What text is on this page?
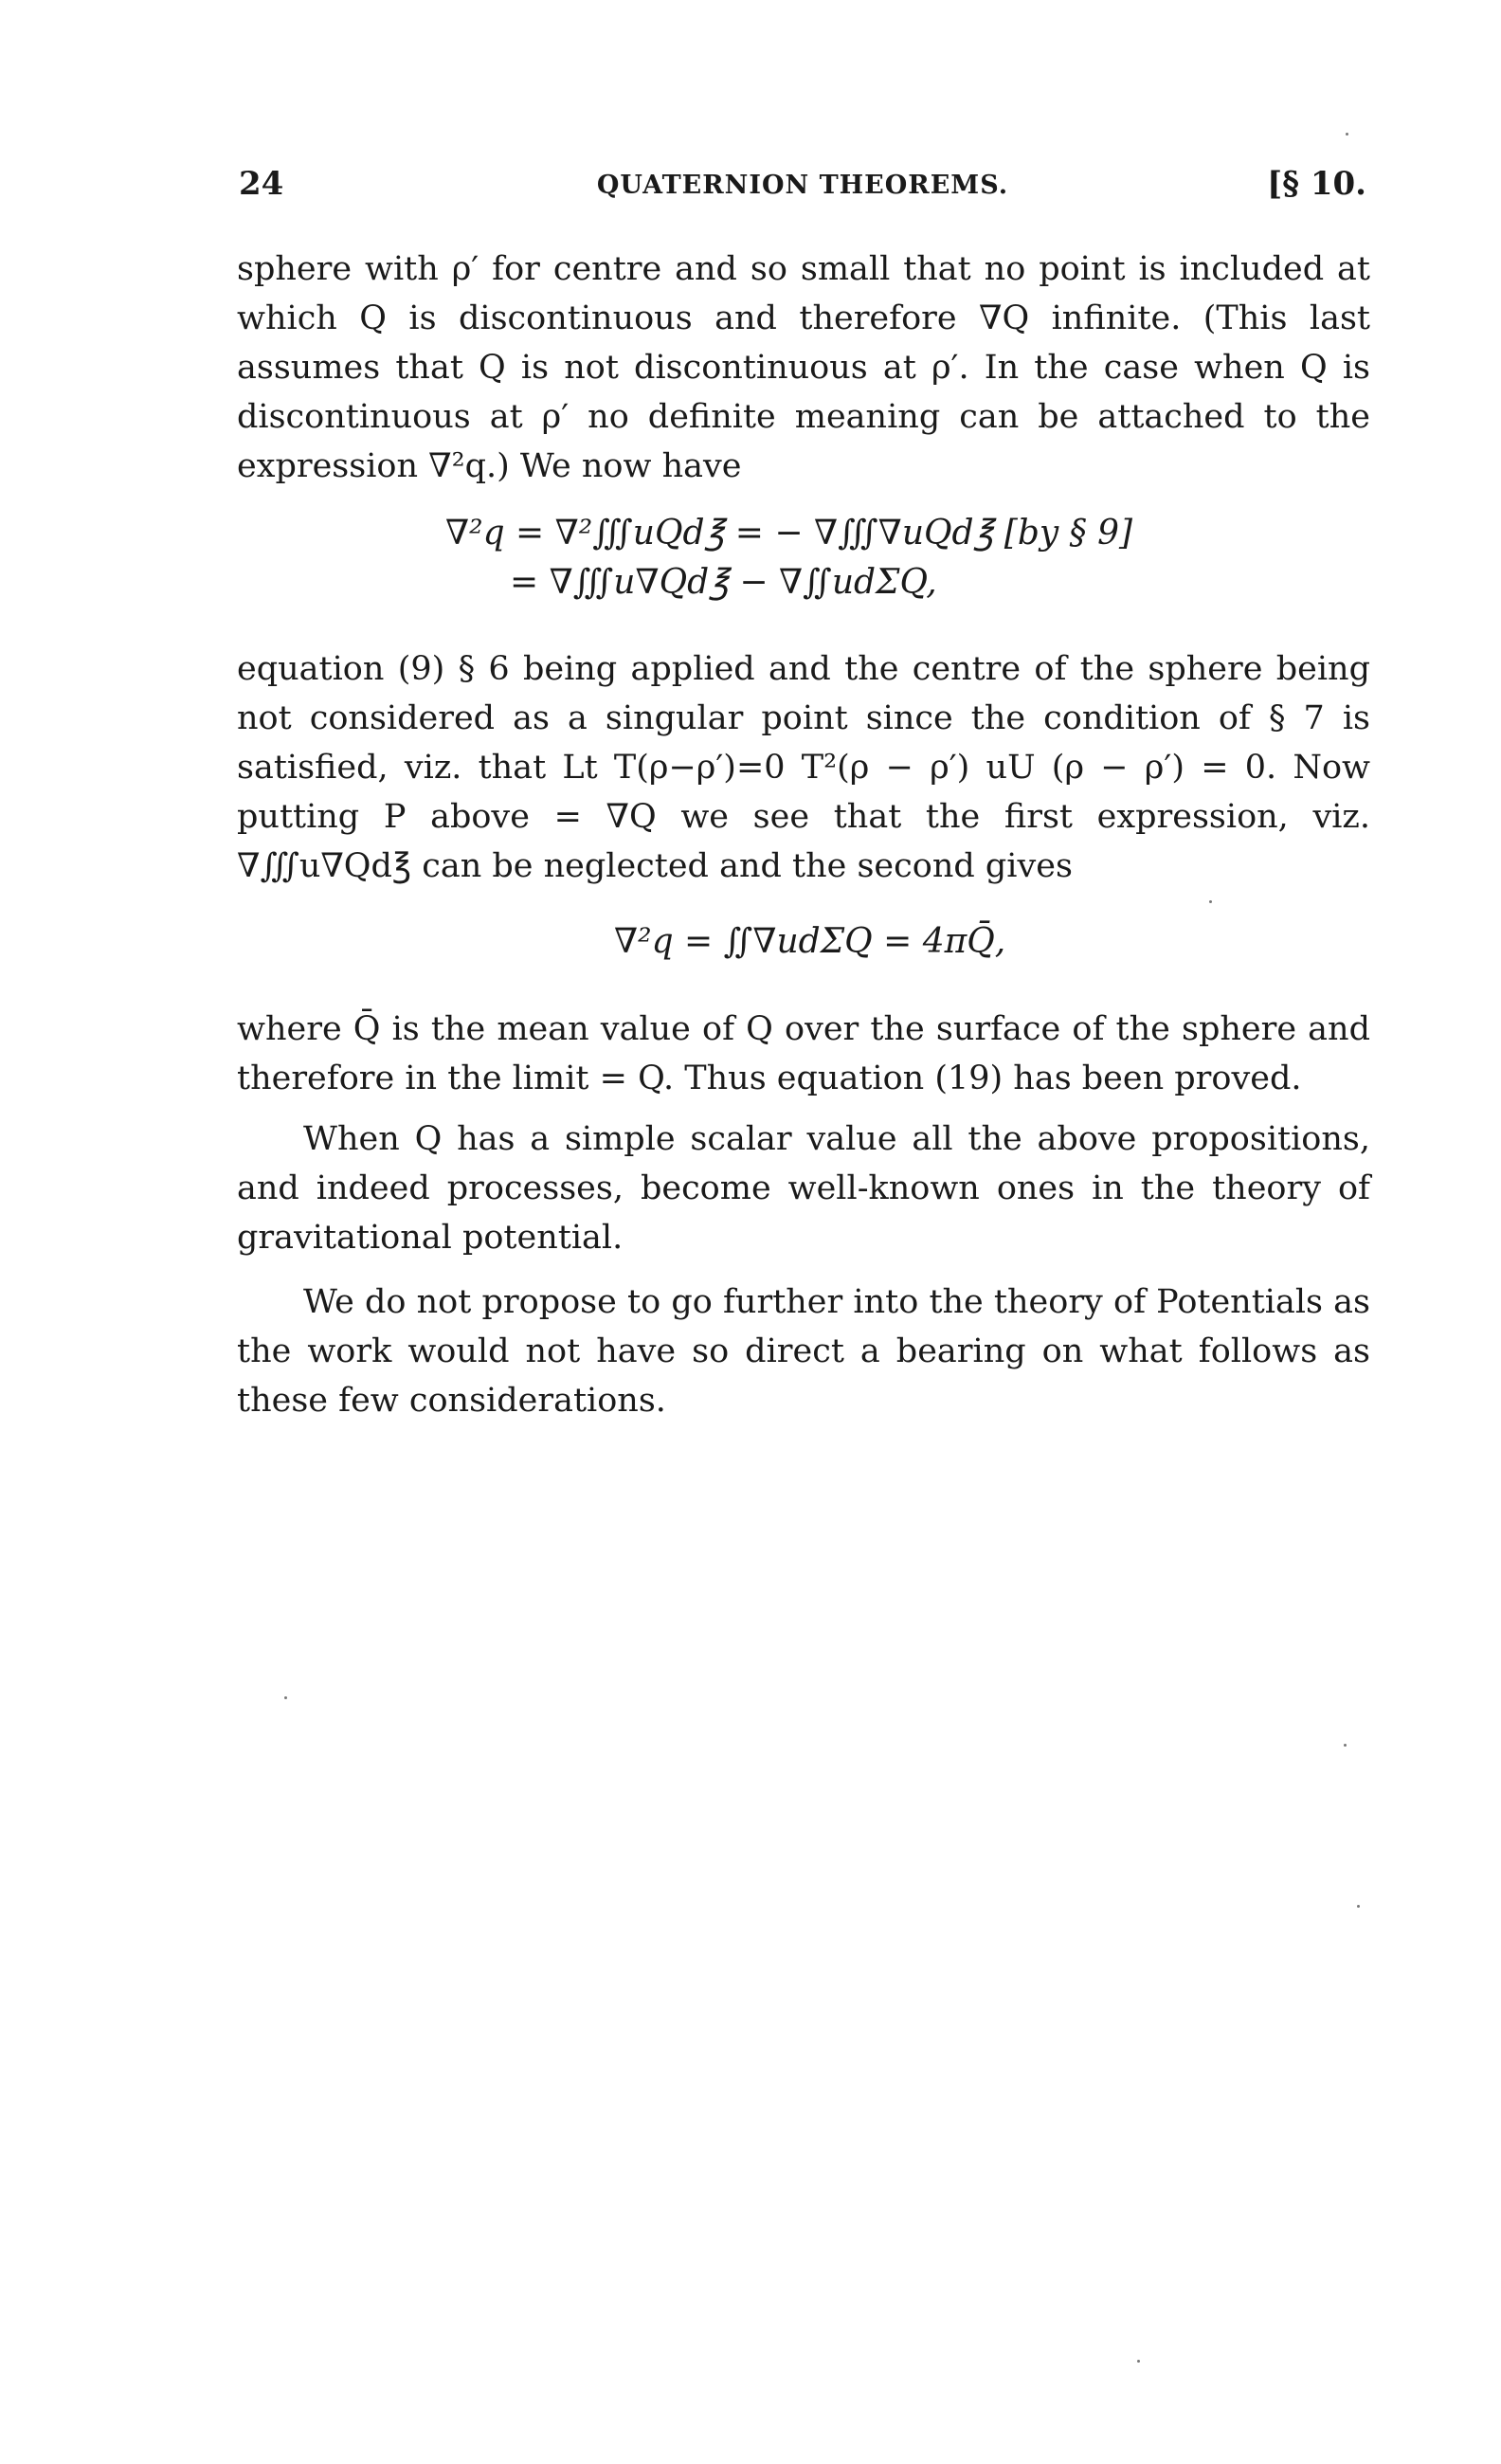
24	QUATERNION THEOREMS.	[§ 10.

sphere with ρ′ for centre and so small that no point is included at which Q is discontinuous and therefore ∇Q infinite. (This last assumes that Q is not discontinuous at ρ′. In the case when Q is discontinuous at ρ′ no definite meaning can be attached to the expression ∇²q.) We now have

∇²q = ∇²∭uQd℥ = − ∇∭∇uQd℥ [by § 9]
= ∇∭u∇Qd℥ − ∇∬udΣQ,

equation (9) § 6 being applied and the centre of the sphere being not considered as a singular point since the condition of § 7 is satisfied, viz. that Lt T(ρ−ρ′)=0 T²(ρ − ρ′) uU (ρ − ρ′) = 0. Now putting P above = ∇Q we see that the first expression, viz. ∇∭u∇Qd℥ can be neglected and the second gives

∇²q = ∬∇udΣQ = 4πQ̄,

where Q̄ is the mean value of Q over the surface of the sphere and therefore in the limit = Q. Thus equation (19) has been proved.

When Q has a simple scalar value all the above propositions, and indeed processes, become well-known ones in the theory of gravitational potential.

We do not propose to go further into the theory of Potentials as the work would not have so direct a bearing on what follows as these few considerations.
